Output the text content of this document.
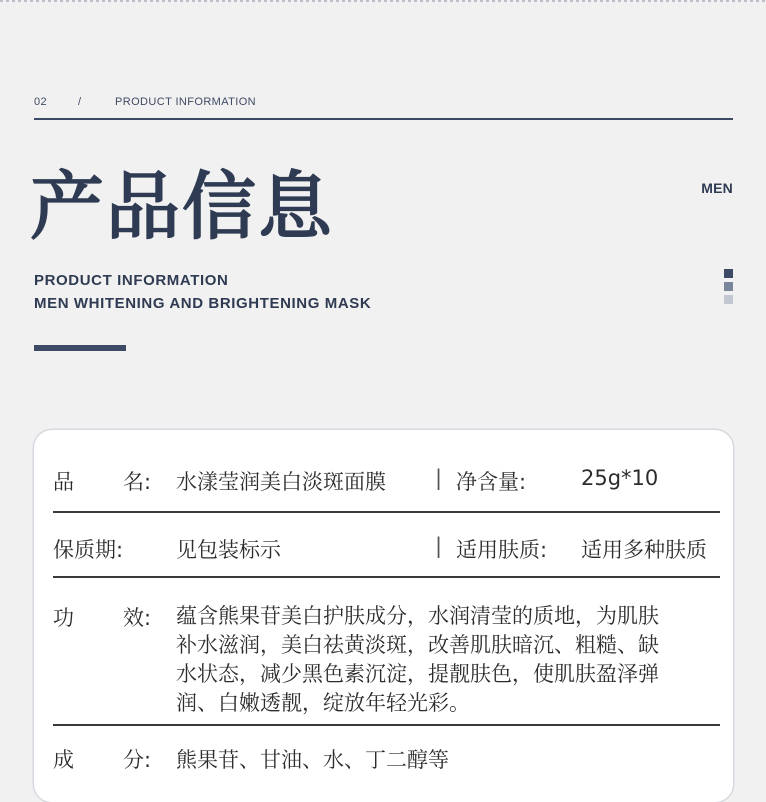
02	/	PRODUCT INFORMATION
产品信息	MEN
PRODUCT INFORMATION
MEN WHITENING AND BRIGHTENING MASK
品 名: 水漾莹润美白淡斑面膜 | 净含量:	25g*10
保质期:	见包装标示	| 适用肤质: 适用多种肤质
功 效: 蕴含熊果苷美白护肤成分，水润清莹的质地，为肌肤
补水滋润，美白祛黄淡斑，改善肌肤暗沉、粗糙、缺
水状态，减少黑色素沉淀，提靓肤色，使肌肤盈泽弹
润、白嫩透靓，绽放年轻光彩。
成 分: 熊果苷、甘油、水、丁二醇等
